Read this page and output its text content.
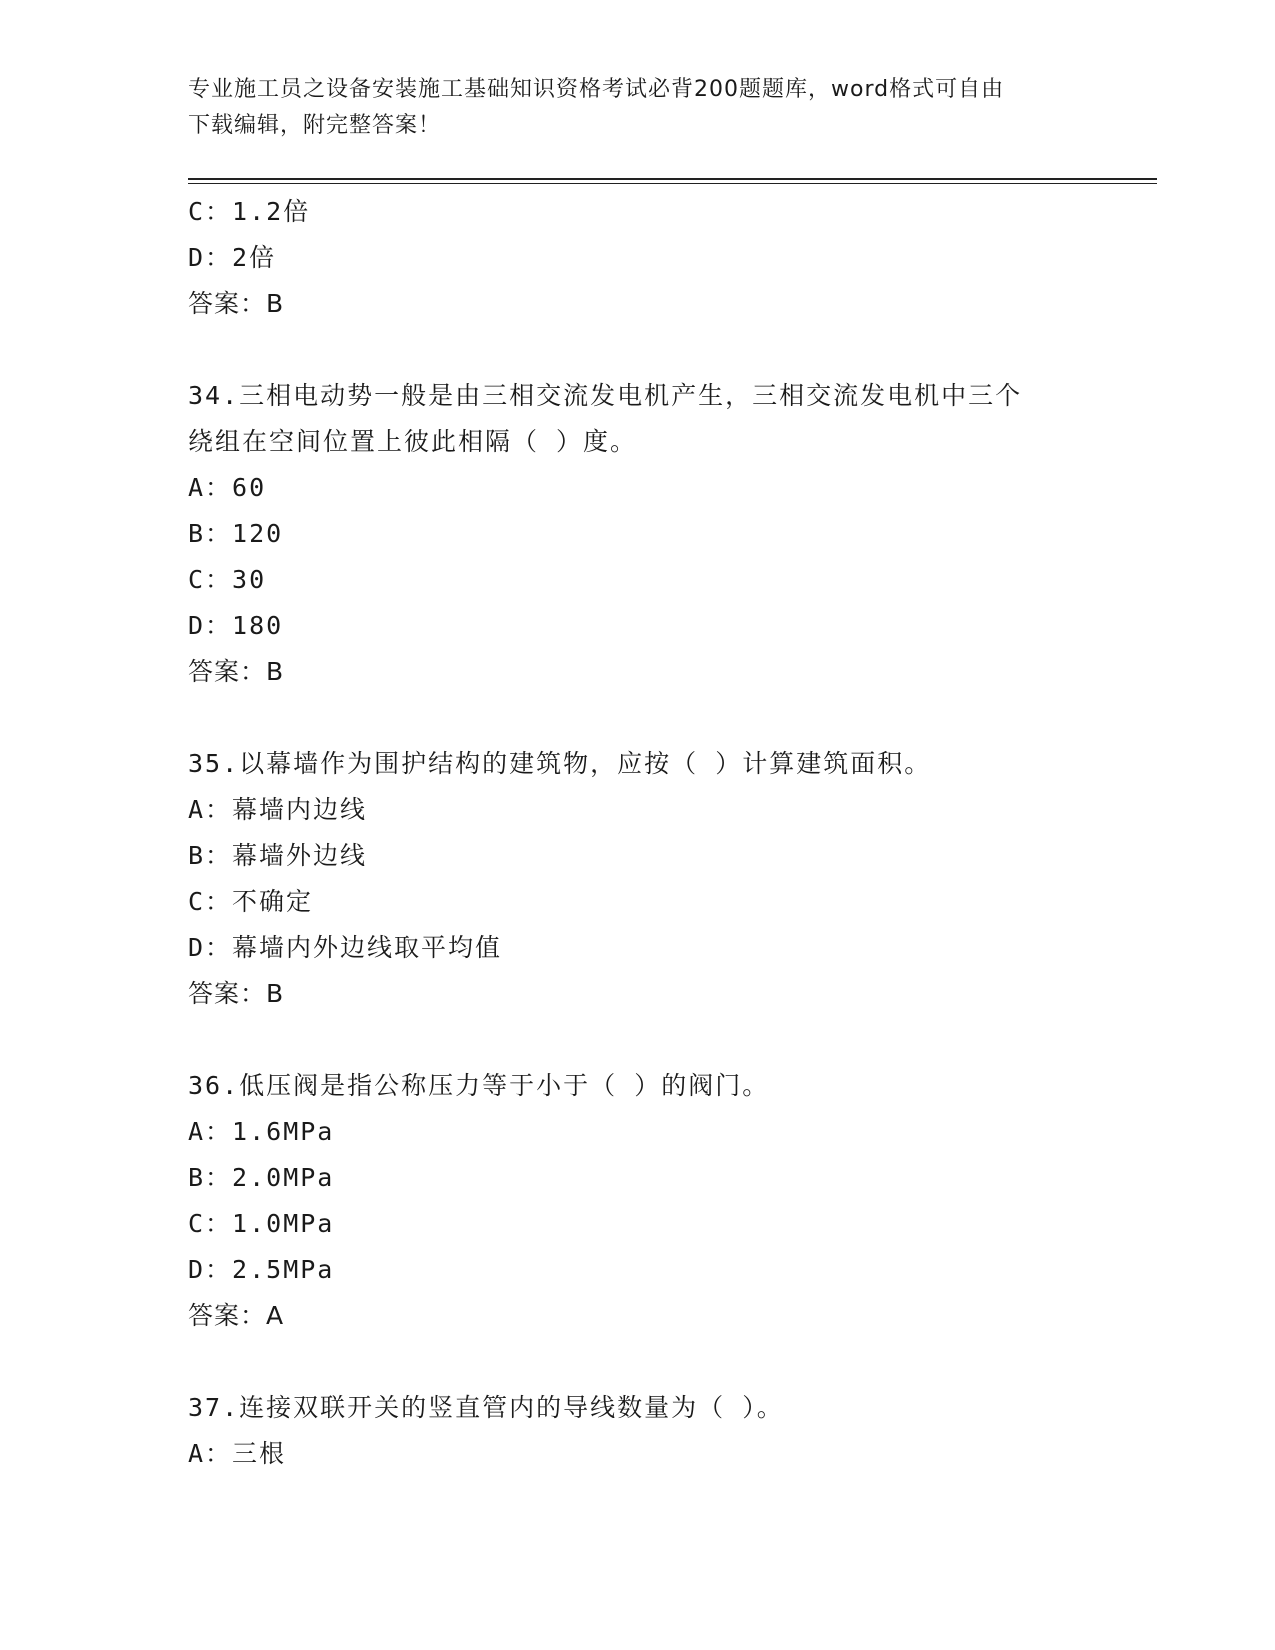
专业施工员之设备安装施工基础知识资格考试必背200题题库，word格式可自由
下载编辑，附完整答案！
C：1.2倍
D：2倍
答案：B
34.三相电动势一般是由三相交流发电机产生，三相交流发电机中三个
绕组在空间位置上彼此相隔（ ）度。
A：60
B：120
C：30
D：180
答案：B
35.以幕墙作为围护结构的建筑物，应按（ ）计算建筑面积。
A：幕墙内边线
B：幕墙外边线
C：不确定
D：幕墙内外边线取平均值
答案：B
36.低压阀是指公称压力等于小于（ ）的阀门。
A：1.6MPa
B：2.0MPa
C：1.0MPa
D：2.5MPa
答案：A
37.连接双联开关的竖直管内的导线数量为（ ）。
A：三根
